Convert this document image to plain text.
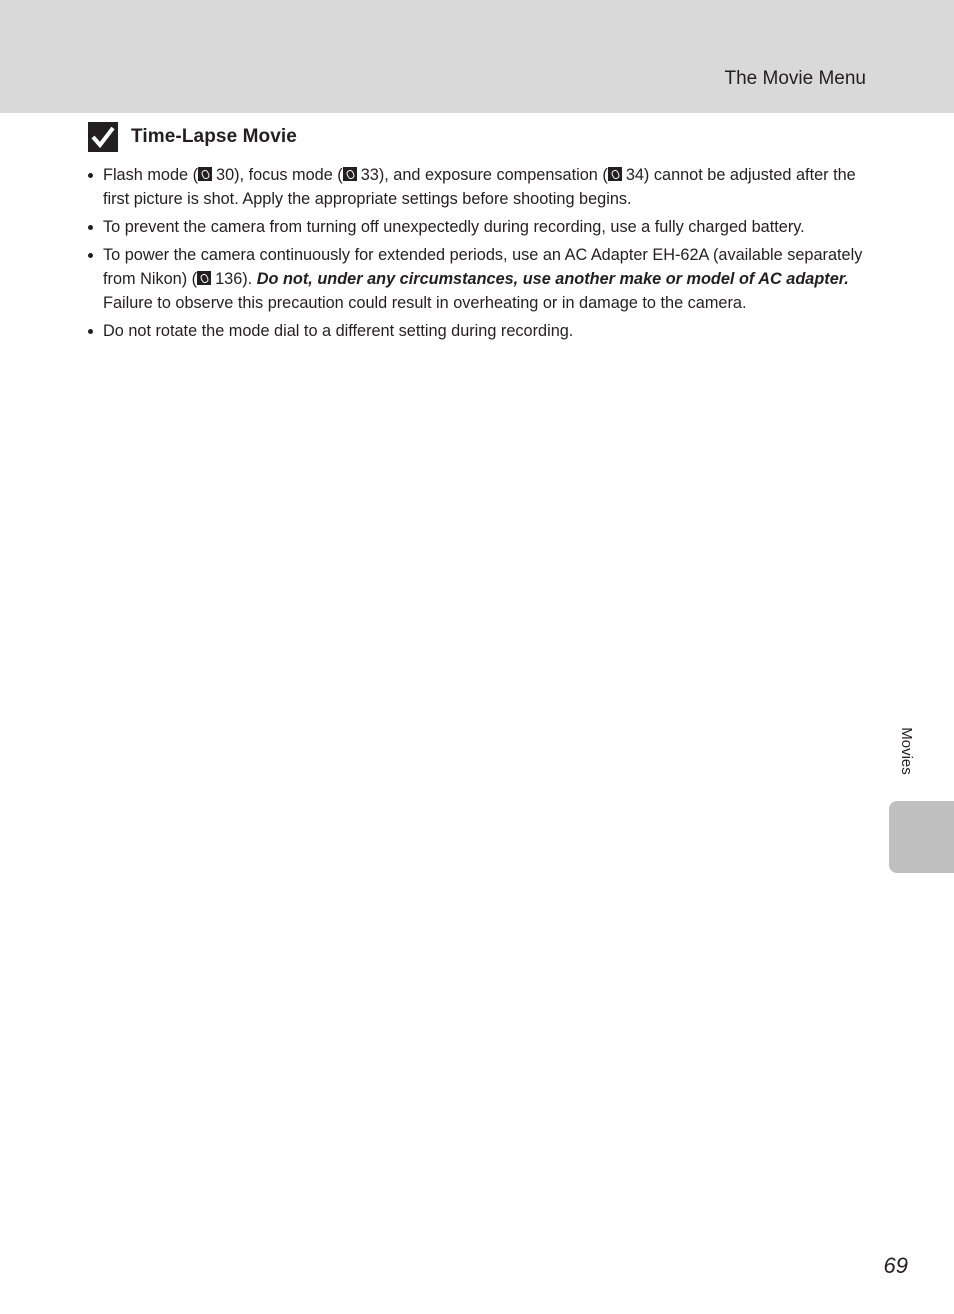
The Movie Menu
Time-Lapse Movie
Flash mode ( 30), focus mode ( 33), and exposure compensation ( 34) cannot be adjusted after the first picture is shot. Apply the appropriate settings before shooting begins.
To prevent the camera from turning off unexpectedly during recording, use a fully charged battery.
To power the camera continuously for extended periods, use an AC Adapter EH-62A (available separately from Nikon) ( 136). Do not, under any circumstances, use another make or model of AC adapter. Failure to observe this precaution could result in overheating or in damage to the camera.
Do not rotate the mode dial to a different setting during recording.
Movies
69
